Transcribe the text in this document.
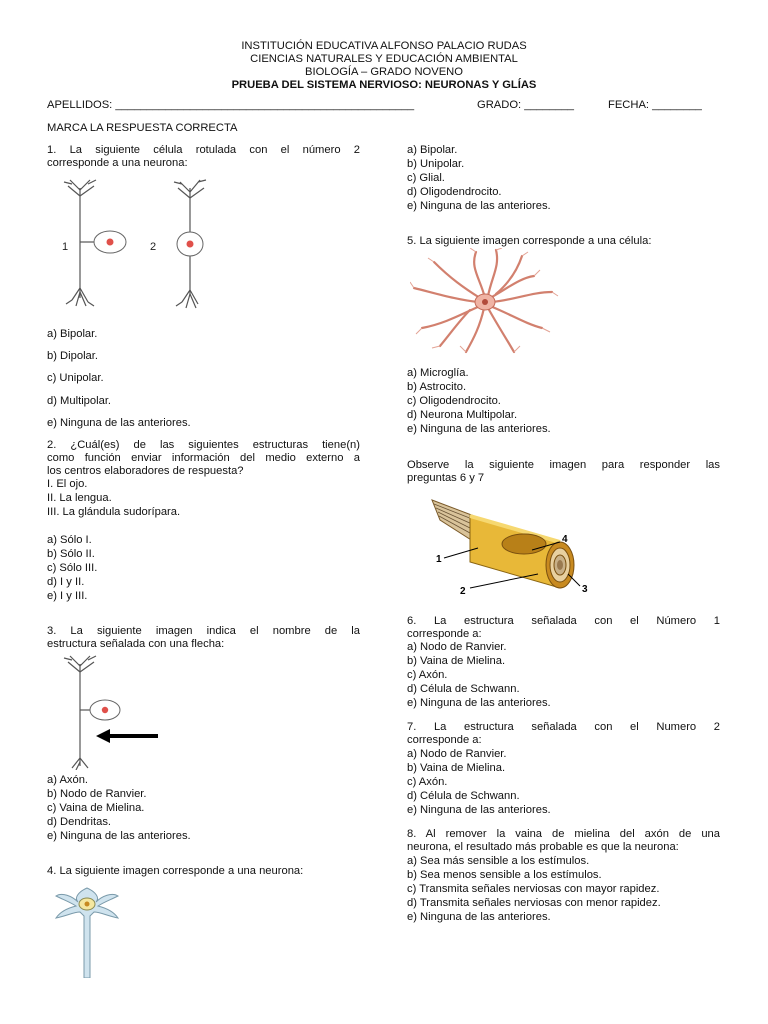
INSTITUCIÓN EDUCATIVA ALFONSO PALACIO RUDAS
CIENCIAS NATURALES Y EDUCACIÓN AMBIENTAL
BIOLOGÍA – GRADO NOVENO
PRUEBA DEL SISTEMA NERVIOSO: NEURONAS Y GLÍAS
APELLIDOS: ________________________________________________	GRADO: ________	FECHA: ________
MARCA LA RESPUESTA CORRECTA
1. La siguiente célula rotulada con el número 2
corresponde a una neurona:
1	2
a) Bipolar.
b) Dipolar.
c) Unipolar.
d) Multipolar.
e) Ninguna de las anteriores.
2. ¿Cuál(es) de las siguientes estructuras tiene(n)
como función enviar información del medio externo a
los centros elaboradores de respuesta?
I. El ojo.
II. La lengua.
III. La glándula sudorípara.
a) Sólo I.
b) Sólo II.
c) Sólo III.
d) I y II.
e) I y III.
3. La siguiente imagen indica el nombre de la
estructura señalada con una flecha:
a) Axón.
b) Nodo de Ranvier.
c) Vaina de Mielina.
d) Dendritas.
e) Ninguna de las anteriores.
4. La siguiente imagen corresponde a una neurona:
a) Bipolar.
b) Unipolar.
c) Glial.
d) Oligodendrocito.
e) Ninguna de las anteriores.
5. La siguiente imagen corresponde a una célula:
a) Microglía.
b) Astrocito.
c) Oligodendrocito.
d) Neurona Multipolar.
e) Ninguna de las anteriores.
Observe la siguiente imagen para responder las
preguntas 6 y 7
1
2	3
4
6. La estructura señalada con el Número 1
corresponde a:
a) Nodo de Ranvier.
b) Vaina de Mielina.
c) Axón.
d) Célula de Schwann.
e) Ninguna de las anteriores.
7. La estructura señalada con el Numero 2
corresponde a:
a) Nodo de Ranvier.
b) Vaina de Mielina.
c) Axón.
d) Célula de Schwann.
e) Ninguna de las anteriores.
8. Al remover la vaina de mielina del axón de una
neurona, el resultado más probable es que la neurona:
a) Sea más sensible a los estímulos.
b) Sea menos sensible a los estímulos.
c) Transmita señales nerviosas con mayor rapidez.
d) Transmita señales nerviosas con menor rapidez.
e) Ninguna de las anteriores.
